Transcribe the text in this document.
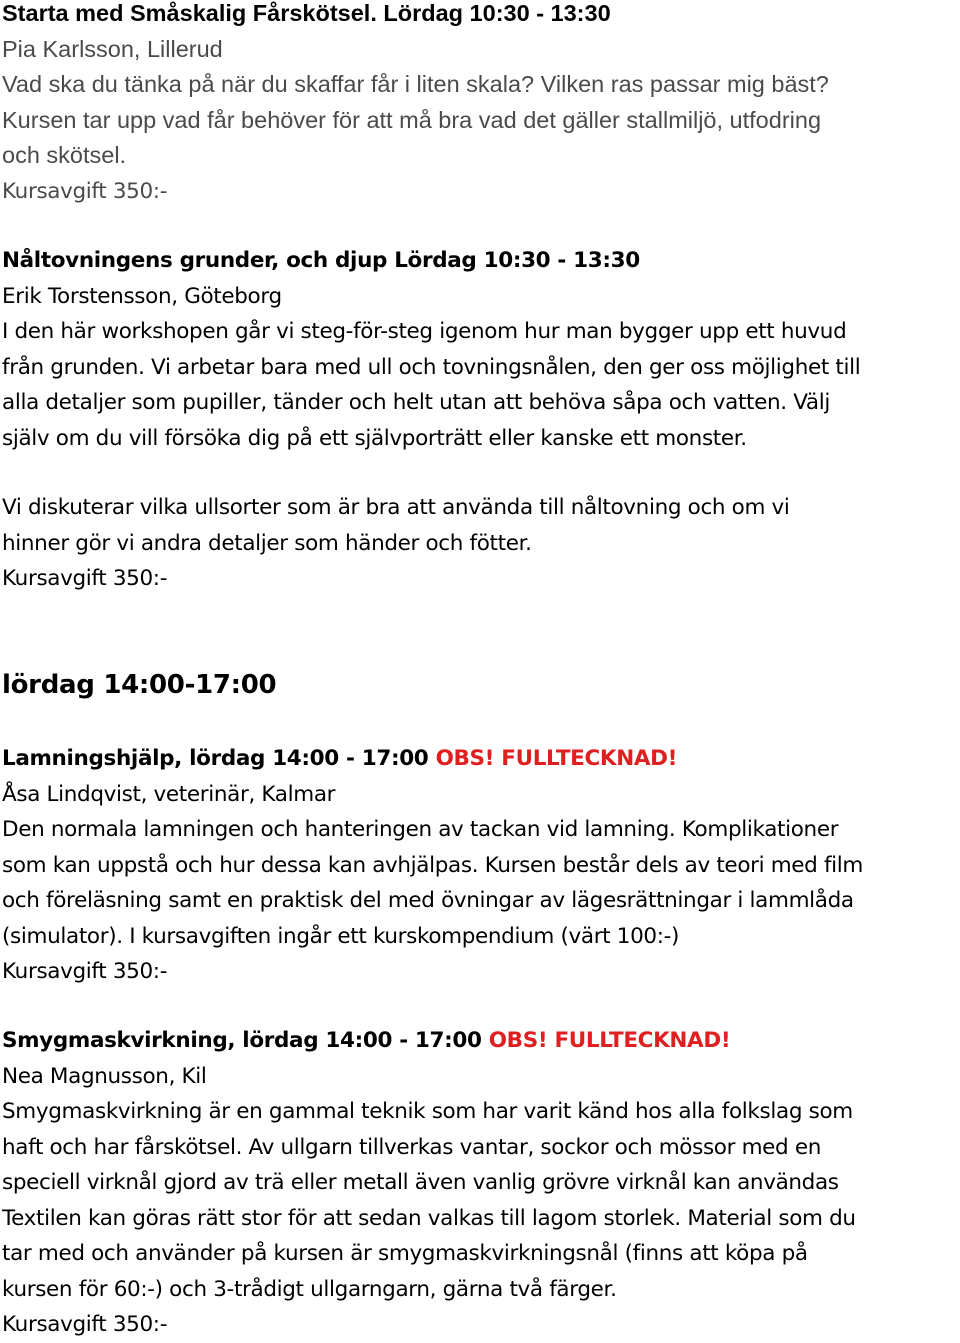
Starta med Småskalig Fårskötsel. Lördag 10:30 - 13:30
Pia Karlsson, Lillerud
Vad ska du tänka på när du skaffar får i liten skala? Vilken ras passar mig bäst?
Kursen tar upp vad får behöver för att må bra vad det gäller stallmiljö, utfodring
och skötsel.
Kursavgift 350:-
Nåltovningens grunder, och djup Lördag 10:30 - 13:30
Erik Torstensson, Göteborg
I den här workshopen går vi steg-för-steg igenom hur man bygger upp ett huvud
från grunden. Vi arbetar bara med ull och tovningsnålen, den ger oss möjlighet till
alla detaljer som pupiller, tänder och helt utan att behöva såpa och vatten. Välj
själv om du vill försöka dig på ett självporträtt eller kanske ett monster.
Vi diskuterar vilka ullsorter som är bra att använda till nåltovning och om vi
hinner gör vi andra detaljer som händer och fötter.
Kursavgift 350:-
lördag 14:00-17:00
Lamningshjälp, lördag 14:00 - 17:00 OBS! FULLTECKNAD!
Åsa Lindqvist, veterinär, Kalmar
Den normala lamningen och hanteringen av tackan vid lamning. Komplikationer
som kan uppstå och hur dessa kan avhjälpas. Kursen består dels av teori med film
och föreläsning samt en praktisk del med övningar av lägesrättningar i lammlåda
(simulator). I kursavgiften ingår ett kurskompendium (värt 100:-)
Kursavgift 350:-
Smygmaskvirkning, lördag 14:00 - 17:00 OBS! FULLTECKNAD!
Nea Magnusson, Kil
Smygmaskvirkning är en gammal teknik som har varit känd hos alla folkslag som
haft och har fårskötsel. Av ullgarn tillverkas vantar, sockor och mössor med en
speciell virknål gjord av trä eller metall även vanlig grövre virknål kan användas
Textilen kan göras rätt stor för att sedan valkas till lagom storlek. Material som du
tar med och använder på kursen är smygmaskvirkningsnål (finns att köpa på
kursen för 60:-) och 3-trådigt ullgarngarn, gärna två färger.
Kursavgift 350:-
